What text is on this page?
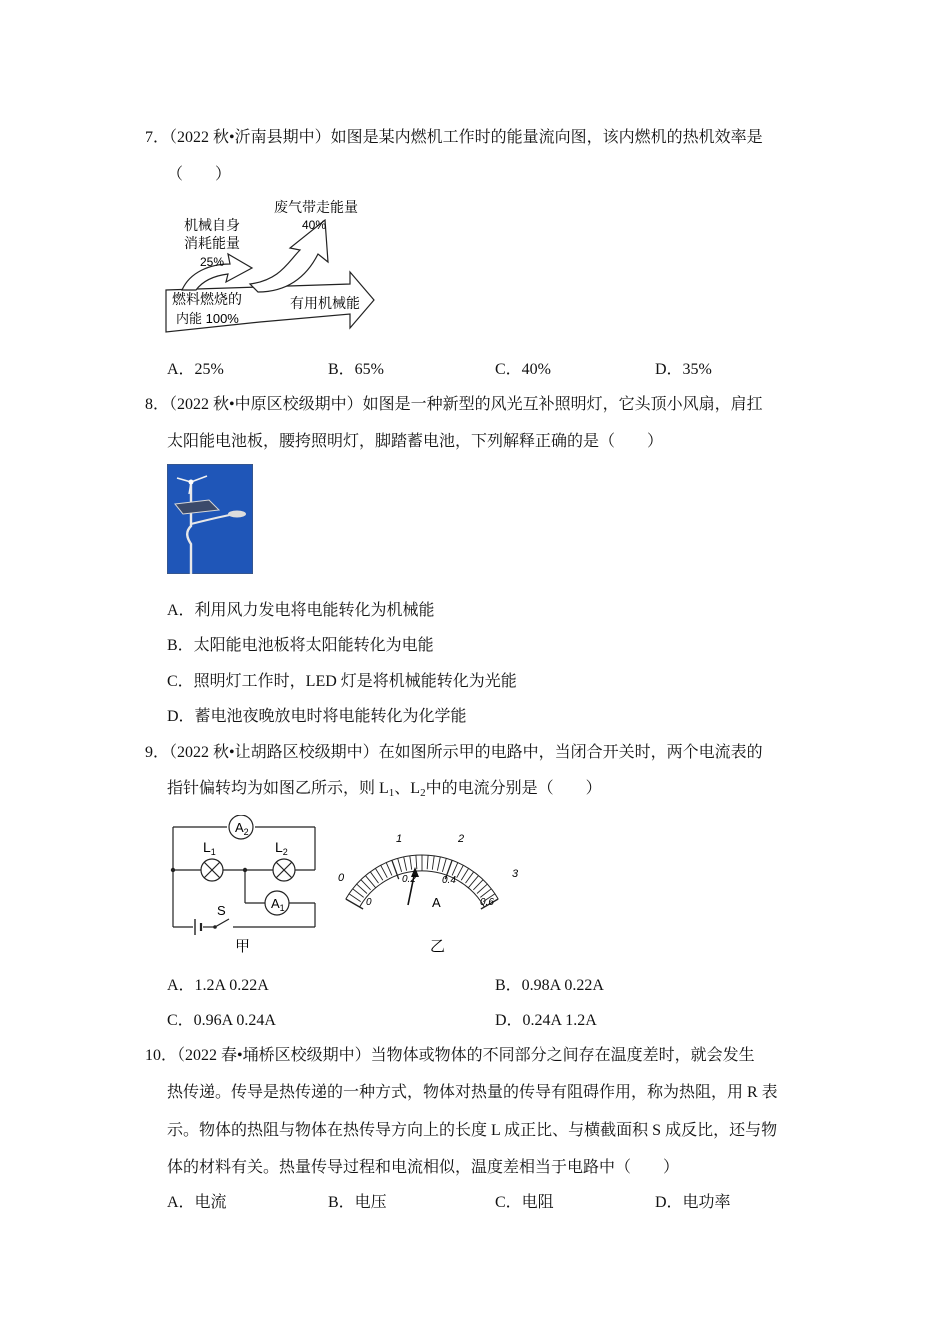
7．（2022 秋•沂南县期中）如图是某内燃机工作时的能量流向图，该内燃机的热机效率是
（　　）
机械自身
消耗能量
25%
废气带走能量
40%
燃料燃烧的
内能 100%
有用机械能
A．25%	B．65%	C．40%	D．35%
8．（2022 秋•中原区校级期中）如图是一种新型的风光互补照明灯，它头顶小风扇，肩扛
太阳能电池板，腰挎照明灯，脚踏蓄电池，下列解释正确的是（　　）
A．利用风力发电将电能转化为机械能
B．太阳能电池板将太阳能转化为电能
C．照明灯工作时，LED 灯是将机械能转化为光能
D．蓄电池夜晚放电时将电能转化为化学能
9．（2022 秋•让胡路区校级期中）在如图所示甲的电路中，当闭合开关时，两个电流表的
指针偏转均为如图乙所示，则 $L_1$、$L_2$中的电流分别是（　　）
$A_2$
$L_1$	$L_2$
$A_1$
S
甲
0
1	2
3
0
0.2	0.4
0.6
A
乙
A．1.2A 0.22A	B．0.98A 0.22A
C．0.96A 0.24A	D．0.24A 1.2A
10．（2022 春•埇桥区校级期中）当物体或物体的不同部分之间存在温度差时，就会发生
热传递。传导是热传递的一种方式，物体对热量的传导有阻碍作用，称为热阻，用 R 表
示。物体的热阻与物体在热传导方向上的长度 L 成正比、与横截面积 S 成反比，还与物
体的材料有关。热量传导过程和电流相似，温度差相当于电路中（　　）
A．电流	B．电压	C．电阻	D．电功率
